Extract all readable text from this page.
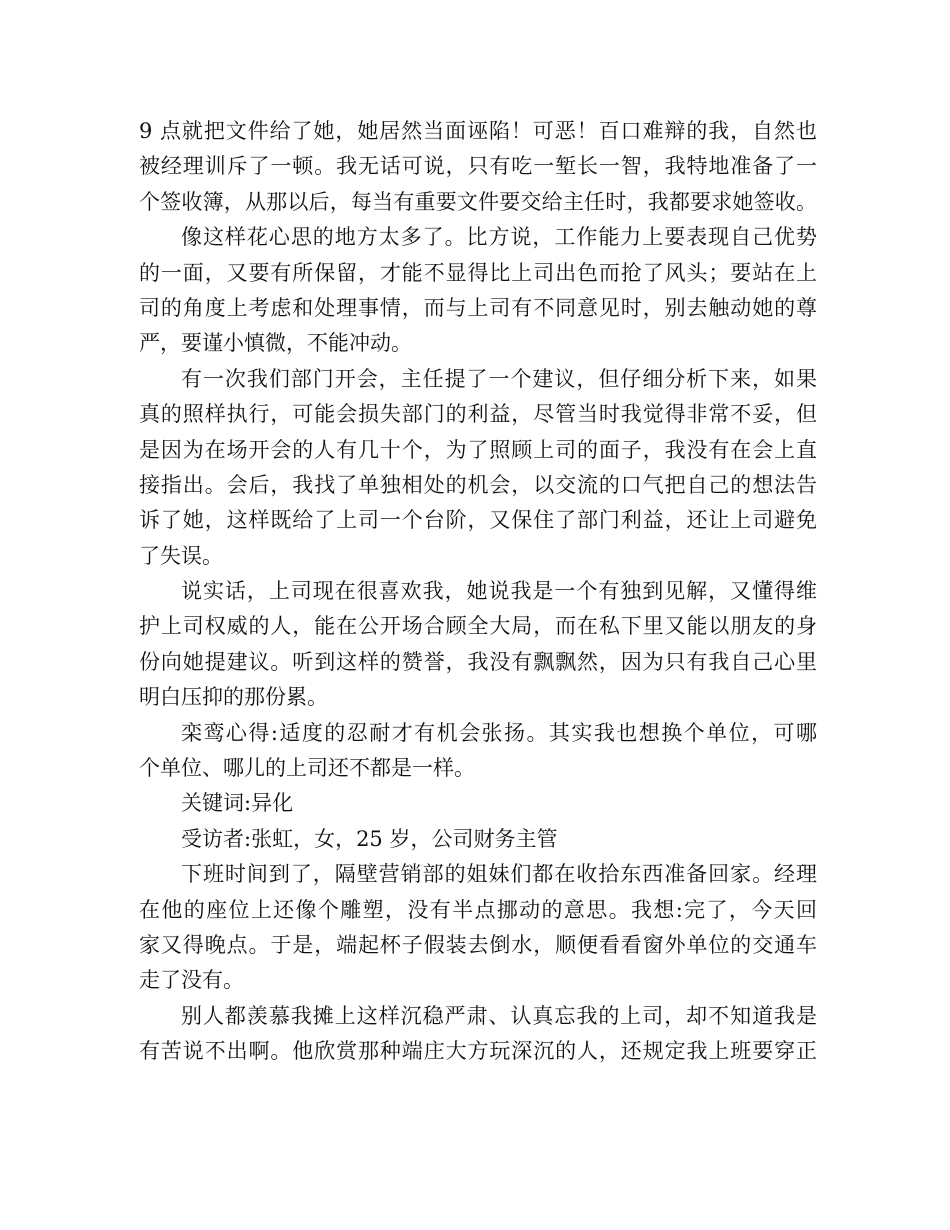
9 点就把文件给了她，她居然当面诬陷！可恶！百口难辩的我，自然也
被经理训斥了一顿。我无话可说，只有吃一堑长一智，我特地准备了一
个签收簿，从那以后，每当有重要文件要交给主任时，我都要求她签收。
像这样花心思的地方太多了。比方说，工作能力上要表现自己优势
的一面，又要有所保留，才能不显得比上司出色而抢了风头；要站在上
司的角度上考虑和处理事情，而与上司有不同意见时，别去触动她的尊
严，要谨小慎微，不能冲动。
有一次我们部门开会，主任提了一个建议，但仔细分析下来，如果
真的照样执行，可能会损失部门的利益，尽管当时我觉得非常不妥，但
是因为在场开会的人有几十个，为了照顾上司的面子，我没有在会上直
接指出。会后，我找了单独相处的机会，以交流的口气把自己的想法告
诉了她，这样既给了上司一个台阶，又保住了部门利益，还让上司避免
了失误。
说实话，上司现在很喜欢我，她说我是一个有独到见解，又懂得维
护上司权威的人，能在公开场合顾全大局，而在私下里又能以朋友的身
份向她提建议。听到这样的赞誉，我没有飘飘然，因为只有我自己心里
明白压抑的那份累。
栾鸾心得:适度的忍耐才有机会张扬。其实我也想换个单位，可哪
个单位、哪儿的上司还不都是一样。
关键词:异化
受访者:张虹，女，25 岁，公司财务主管
下班时间到了，隔壁营销部的姐妹们都在收拾东西准备回家。经理
在他的座位上还像个雕塑，没有半点挪动的意思。我想:完了，今天回
家又得晚点。于是，端起杯子假装去倒水，顺便看看窗外单位的交通车
走了没有。
别人都羡慕我摊上这样沉稳严肃、认真忘我的上司，却不知道我是
有苦说不出啊。他欣赏那种端庄大方玩深沉的人，还规定我上班要穿正
